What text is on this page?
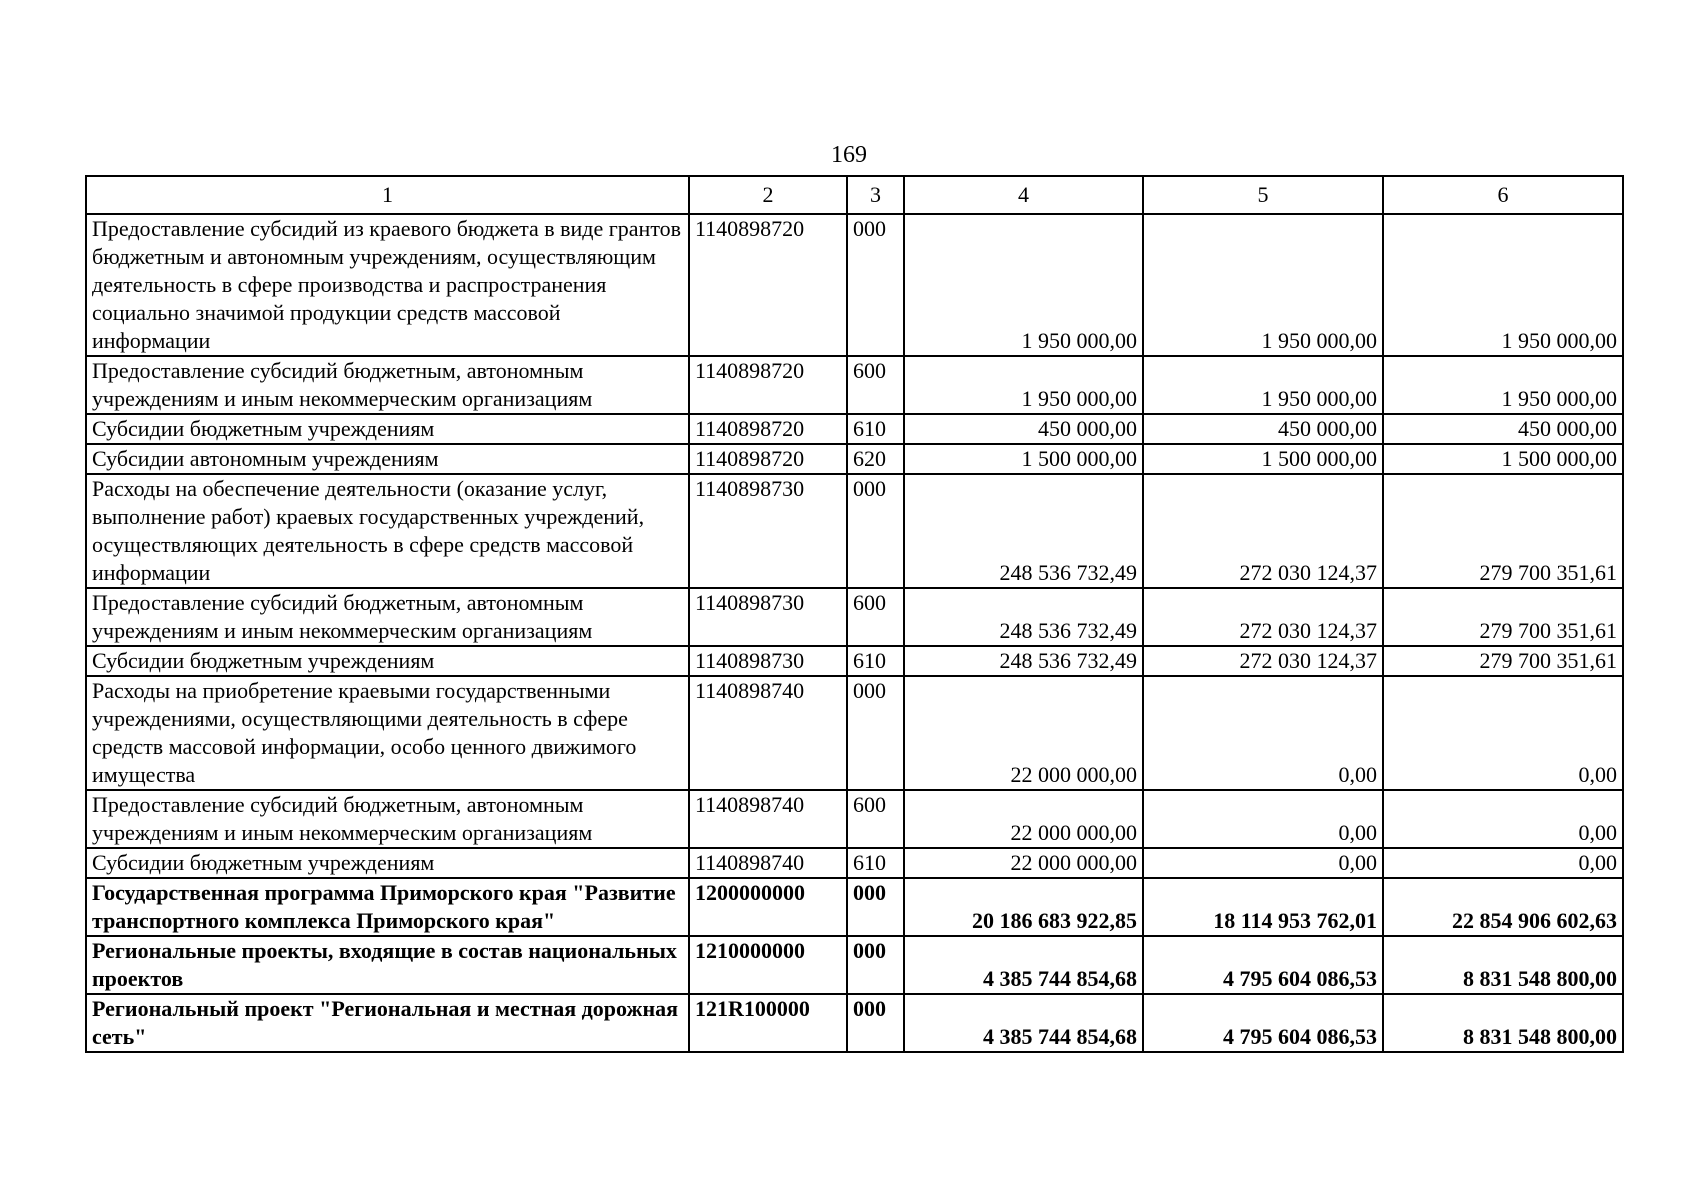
169
1	2	3	4	5	6
Предоставление субсидий из краевого бюджета в виде грантов бюджетным и автономным учреждениям, осуществляющим деятельность в сфере производства и распространения социально значимой продукции средств массовой информации	1140898720	000	1 950 000,00	1 950 000,00	1 950 000,00
Предоставление субсидий бюджетным, автономным учреждениям и иным некоммерческим организациям	1140898720	600	1 950 000,00	1 950 000,00	1 950 000,00
Субсидии бюджетным учреждениям	1140898720	610	450 000,00	450 000,00	450 000,00
Субсидии автономным учреждениям	1140898720	620	1 500 000,00	1 500 000,00	1 500 000,00
Расходы на обеспечение деятельности (оказание услуг, выполнение работ) краевых государственных учреждений, осуществляющих деятельность в сфере средств массовой информации	1140898730	000	248 536 732,49	272 030 124,37	279 700 351,61
Предоставление субсидий бюджетным, автономным учреждениям и иным некоммерческим организациям	1140898730	600	248 536 732,49	272 030 124,37	279 700 351,61
Субсидии бюджетным учреждениям	1140898730	610	248 536 732,49	272 030 124,37	279 700 351,61
Расходы на приобретение краевыми государственными учреждениями, осуществляющими деятельность в сфере средств массовой информации, особо ценного движимого имущества	1140898740	000	22 000 000,00	0,00	0,00
Предоставление субсидий бюджетным, автономным учреждениям и иным некоммерческим организациям	1140898740	600	22 000 000,00	0,00	0,00
Субсидии бюджетным учреждениям	1140898740	610	22 000 000,00	0,00	0,00
Государственная программа Приморского края "Развитие транспортного комплекса Приморского края"	1200000000	000	20 186 683 922,85	18 114 953 762,01	22 854 906 602,63
Региональные проекты, входящие в состав национальных проектов	1210000000	000	4 385 744 854,68	4 795 604 086,53	8 831 548 800,00
Региональный проект "Региональная и местная дорожная сеть"	121R100000	000	4 385 744 854,68	4 795 604 086,53	8 831 548 800,00
